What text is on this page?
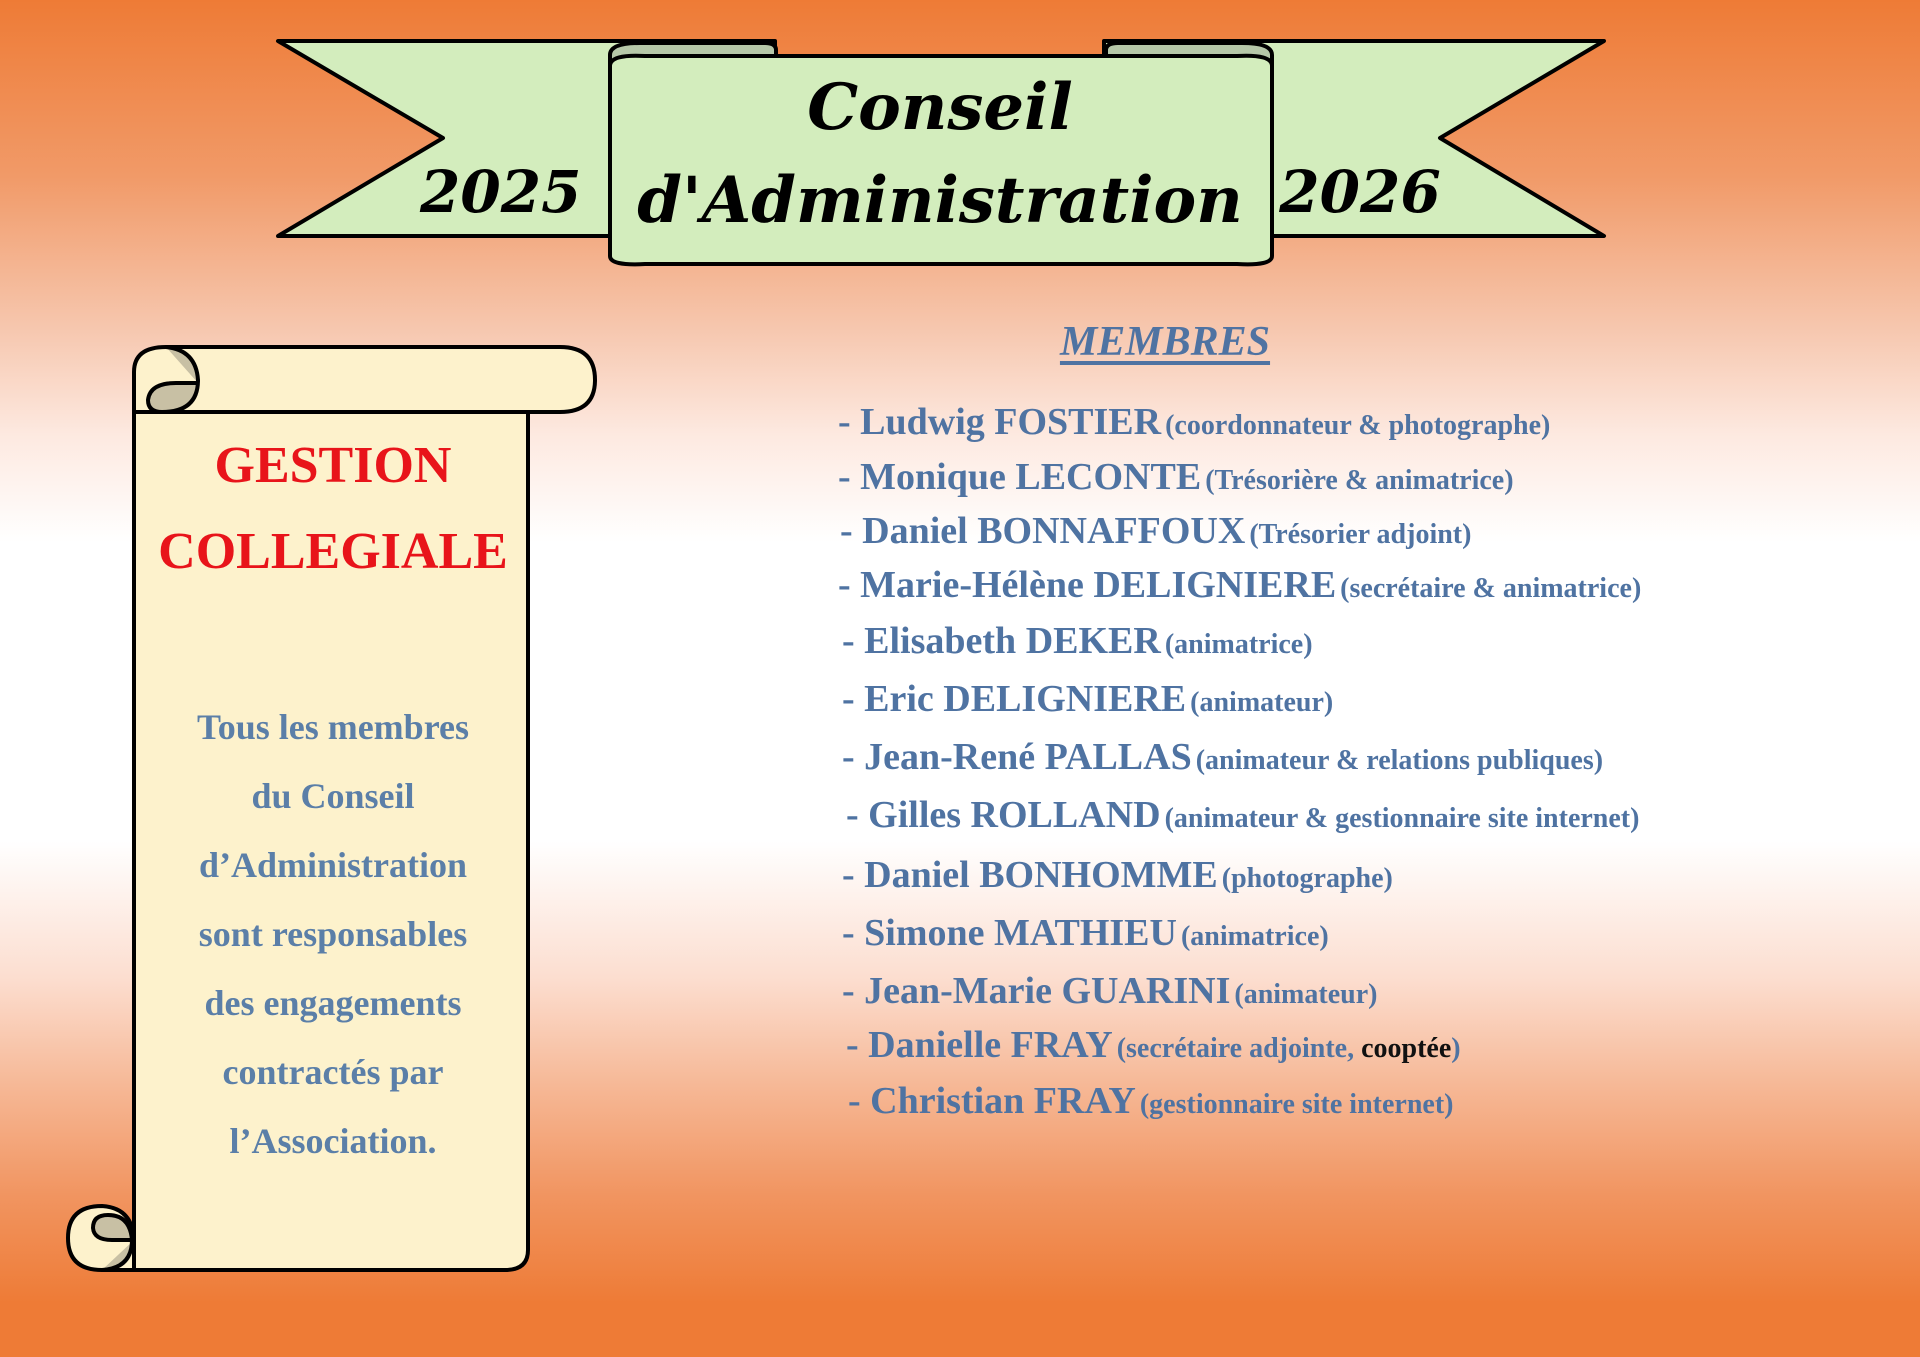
2025	2026
Conseil
d'Administration
GESTION
COLLEGIALE
Tous les membres
du Conseil
d’Administration
sont responsables
des engagements
contractés par
l’Association.
MEMBRES
- Ludwig FOSTIER (coordonnateur & photographe)
- Monique LECONTE (Trésorière & animatrice)
- Daniel BONNAFFOUX (Trésorier adjoint)
- Marie-Hélène DELIGNIERE (secrétaire & animatrice)
- Elisabeth DEKER (animatrice)
- Eric DELIGNIERE (animateur)
- Jean-René PALLAS (animateur & relations publiques)
- Gilles ROLLAND (animateur & gestionnaire site internet)
- Daniel BONHOMME (photographe)
- Simone MATHIEU (animatrice)
- Jean-Marie GUARINI (animateur)
- Danielle FRAY (secrétaire adjointe, cooptée)
- Christian FRAY (gestionnaire site internet)
